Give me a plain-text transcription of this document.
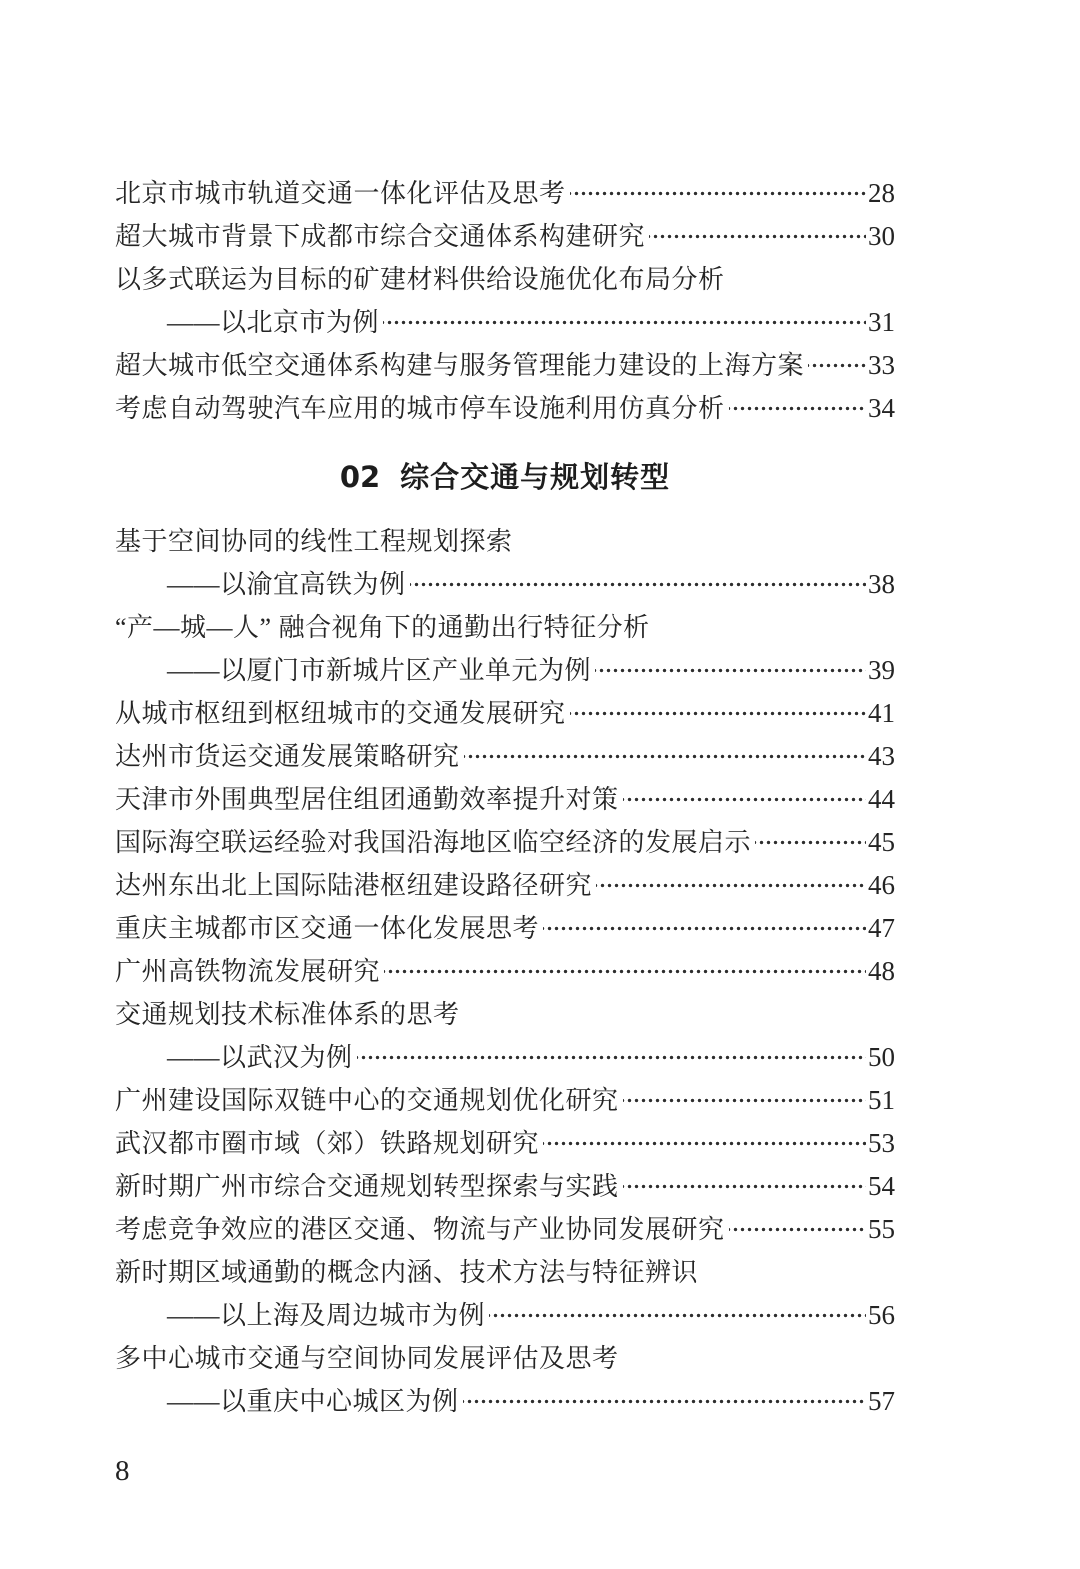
北京市城市轨道交通一体化评估及思考	28
超大城市背景下成都市综合交通体系构建研究	30
以多式联运为目标的矿建材料供给设施优化布局分析
——以北京市为例	31
超大城市低空交通体系构建与服务管理能力建设的上海方案 33
考虑自动驾驶汽车应用的城市停车设施利用仿真分析	34
02 综合交通与规划转型
基于空间协同的线性工程规划探索
——以渝宜高铁为例	38
“产—城—人” 融合视角下的通勤出行特征分析
——以厦门市新城片区产业单元为例	39
从城市枢纽到枢纽城市的交通发展研究	41
达州市货运交通发展策略研究	43
天津市外围典型居住组团通勤效率提升对策	44
国际海空联运经验对我国沿海地区临空经济的发展启示	45
达州东出北上国际陆港枢纽建设路径研究	46
重庆主城都市区交通一体化发展思考	47
广州高铁物流发展研究	48
交通规划技术标准体系的思考
——以武汉为例	50
广州建设国际双链中心的交通规划优化研究	51
武汉都市圈市域（郊）铁路规划研究	53
新时期广州市综合交通规划转型探索与实践	54
考虑竞争效应的港区交通、物流与产业协同发展研究	55
新时期区域通勤的概念内涵、技术方法与特征辨识
——以上海及周边城市为例	56
多中心城市交通与空间协同发展评估及思考
——以重庆中心城区为例	57
8
